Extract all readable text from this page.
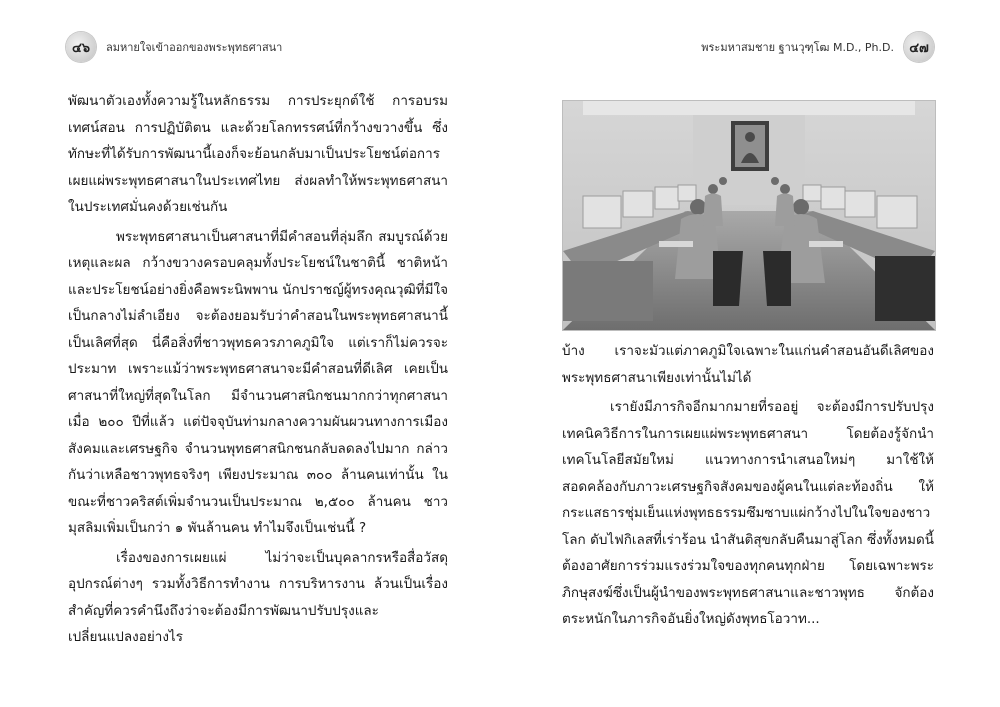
๔๖	ลมหายใจเข้าออกของพระพุทธศาสนา

พัฒนาตัวเองทั้งความรู้ในหลักธรรม การประยุกต์ใช้ การอบรม เทศน์สอน การปฏิบัติตน และด้วยโลกทรรศน์ที่กว้างขวางขึ้น ซึ่งทักษะที่ได้รับการพัฒนานี้เองก็จะย้อนกลับมาเป็นประโยชน์ต่อการเผยแผ่พระพุทธศาสนาในประเทศไทย ส่งผลทำให้พระพุทธศาสนาในประเทศมั่นคงด้วยเช่นกัน

พระพุทธศาสนาเป็นศาสนาที่มีคำสอนที่ลุ่มลึก สมบูรณ์ด้วยเหตุและผล กว้างขวางครอบคลุมทั้งประโยชน์ในชาตินี้ ชาติหน้า และประโยชน์อย่างยิ่งคือพระนิพพาน นักปราชญ์ผู้ทรงคุณวุฒิที่มีใจเป็นกลางไม่ลำเอียง จะต้องยอมรับว่าคำสอนในพระพุทธศาสนานี้เป็นเลิศที่สุด นี่คือสิ่งที่ชาวพุทธควรภาคภูมิใจ แต่เราก็ไม่ควรจะประมาท เพราะแม้ว่าพระพุทธศาสนาจะมีคำสอนที่ดีเลิศ เคยเป็นศาสนาที่ใหญ่ที่สุดในโลก มีจำนวนศาสนิกชนมากกว่าทุกศาสนาเมื่อ ๒๐๐ ปีที่แล้ว แต่ปัจจุบันท่ามกลางความผันผวนทางการเมือง สังคมและเศรษฐกิจ จำนวนพุทธศาสนิกชนกลับลดลงไปมาก กล่าวกันว่าเหลือชาวพุทธจริงๆ เพียงประมาณ ๓๐๐ ล้านคนเท่านั้น ในขณะที่ชาวคริสต์เพิ่มจำนวนเป็นประมาณ ๒,๕๐๐ ล้านคน ชาวมุสลิมเพิ่มเป็นกว่า ๑ พันล้านคน ทำไมจึงเป็นเช่นนี้ ?

เรื่องของการเผยแผ่ ไม่ว่าจะเป็นบุคลากรหรือสื่อวัสดุอุปกรณ์ต่างๆ รวมทั้งวิธีการทำงาน การบริหารงาน ล้วนเป็นเรื่องสำคัญที่ควรคำนึงถึงว่าจะต้องมีการพัฒนาปรับปรุงและเปลี่ยนแปลงอย่างไร

พระมหาสมชาย ฐานวุฑฺโฒ M.D., Ph.D.	๔๗

บ้าง เราจะมัวแต่ภาคภูมิใจเฉพาะในแก่นคำสอนอันดีเลิศของพระพุทธศาสนาเพียงเท่านั้นไม่ได้

เรายังมีภารกิจอีกมากมายที่รออยู่ จะต้องมีการปรับปรุงเทคนิควิธีการในการเผยแผ่พระพุทธศาสนา โดยต้องรู้จักนำเทคโนโลยีสมัยใหม่ แนวทางการนำเสนอใหม่ๆ มาใช้ให้สอดคล้องกับภาวะเศรษฐกิจสังคมของผู้คนในแต่ละท้องถิ่น ให้กระแสธารชุ่มเย็นแห่งพุทธธรรมซึมซาบแผ่กว้างไปในใจของชาวโลก ดับไฟกิเลสที่เร่าร้อน นำสันติสุขกลับคืนมาสู่โลก ซึ่งทั้งหมดนี้ต้องอาศัยการร่วมแรงร่วมใจของทุกคนทุกฝ่าย โดยเฉพาะพระภิกษุสงฆ์ซึ่งเป็นผู้นำของพระพุทธศาสนาและชาวพุทธ จักต้องตระหนักในภารกิจอันยิ่งใหญ่ดังพุทธโอวาท...
